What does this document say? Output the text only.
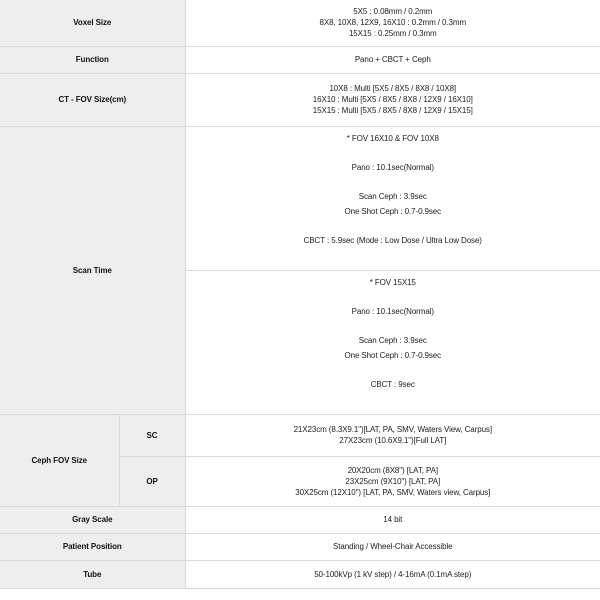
Voxel Size		5X5 : 0.08mm / 0.2mm
8X8, 10X8, 12X9, 16X10 : 0.2mm / 0.3mm
15X15 : 0.25mm / 0.3mm

Function		Pano + CBCT + Ceph
CT - FOV Size(cm)		10X8 : Multi [5X5 / 8X5 / 8X8 / 10X8]
16X10 : Multi [5X5 / 8X5 / 8X8 / 12X9 / 16X10]
15X15 : Multi [5X5 / 8X5 / 8X8 / 12X9 / 15X15]

Scan Time		* FOV 16X10 & FOV 10X8
Pano : 10.1sec(Normal)
Scan Ceph : 3.9sec
One Shot Ceph : 0.7-0.9sec
CBCT : 5.9sec (Mode : Low Dose / Ultra Low Dose)

		* FOV 15X15
Pano : 10.1sec(Normal)
Scan Ceph : 3.9sec
One Shot Ceph : 0.7-0.9sec
CBCT : 9sec

Ceph FOV Size	SC	21X23cm (8.3X9.1")[LAT, PA, SMV, Waters View, Carpus]
27X23cm (10.6X9.1")[Full LAT]

	OP	20X20cm (8X8") [LAT, PA]
23X25cm (9X10") [LAT, PA]
30X25cm (12X10") [LAT, PA, SMV, Waters view, Carpus]

Gray Scale		14 bit
Patient Position		Standing / Wheel-Chair Accessible
Tube		50-100kVp (1 kV step) / 4-16mA (0.1mA step)
